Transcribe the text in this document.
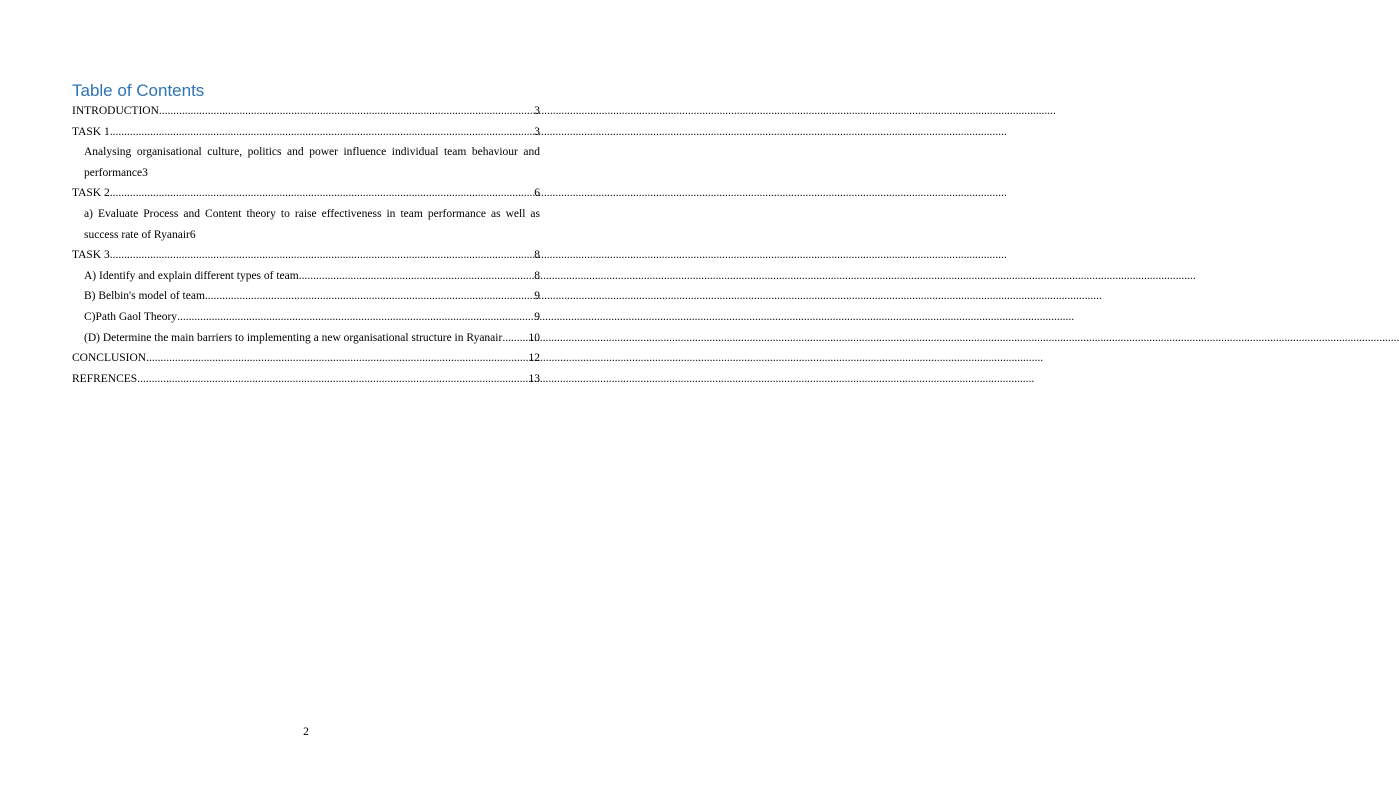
Table of Contents
INTRODUCTION .....	3
TASK 1 .....	3
Analysing organisational culture, politics and power influence individual team behaviour and
performance 3
TASK 2 .....	6
a) Evaluate Process and Content theory to raise effectiveness in team performance as well as
success rate of Ryanair 6
TASK 3 .....	8
A) Identify and explain different types of team .....	8
B) Belbin's model of team .....	9
C)Path Gaol Theory .....	9
(D) Determine the main barriers to implementing a new organisational structure in Ryanair ..... 10
CONCLUSION .....	12
REFRENCES .....	13
2
